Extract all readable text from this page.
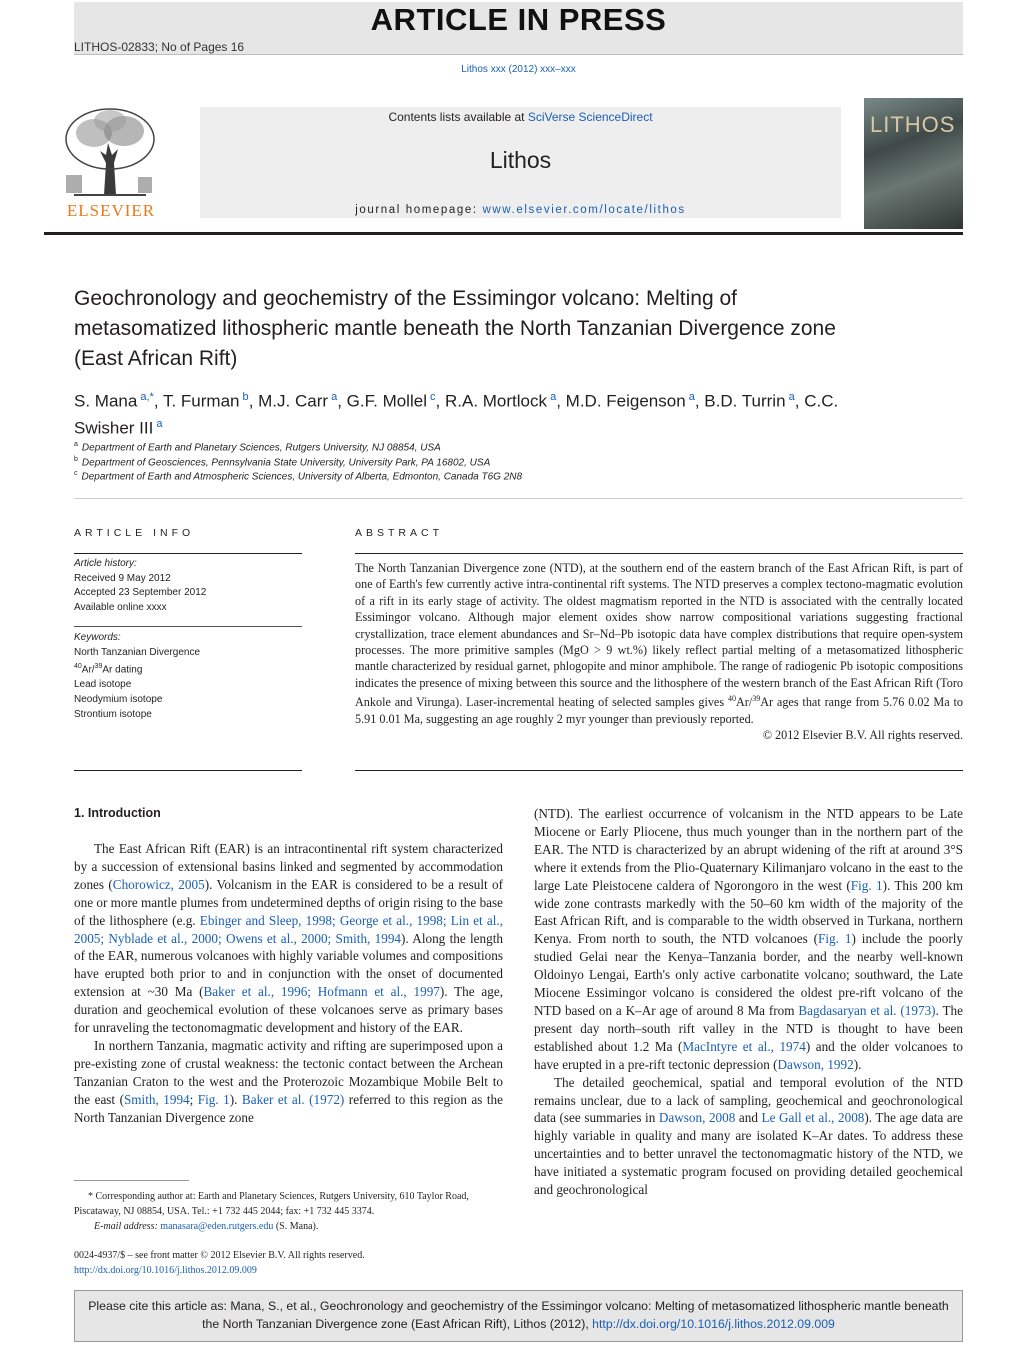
ARTICLE IN PRESS
LITHOS-02833; No of Pages 16
Lithos xxx (2012) xxx–xxx
ELSEVIER
Contents lists available at SciVerse ScienceDirect
Lithos
journal homepage: www.elsevier.com/locate/lithos
LITHOS
Geochronology and geochemistry of the Essimingor volcano: Melting of metasomatized lithospheric mantle beneath the North Tanzanian Divergence zone (East African Rift)
S. Mana $^{a,*}$, T. Furman $^b$, M.J. Carr $^a$, G.F. Mollel $^c$, R.A. Mortlock $^a$, M.D. Feigenson $^a$, B.D. Turrin $^a$, C.C. Swisher III $^a$
$^a$ Department of Earth and Planetary Sciences, Rutgers University, NJ 08854, USA
$^b$ Department of Geosciences, Pennsylvania State University, University Park, PA 16802, USA
$^c$ Department of Earth and Atmospheric Sciences, University of Alberta, Edmonton, Canada T6G 2N8
ARTICLE INFO
Article history:
Received 9 May 2012
Accepted 23 September 2012
Available online xxxx
Keywords:
North Tanzanian Divergence
$^{40}$Ar/$^{39}$Ar dating
Lead isotope
Neodymium isotope
Strontium isotope
ABSTRACT
The North Tanzanian Divergence zone (NTD), at the southern end of the eastern branch of the East African Rift, is part of one of Earth's few currently active intra-continental rift systems. The NTD preserves a complex tectono-magmatic evolution of a rift in its early stage of activity. The oldest magmatism reported in the NTD is associated with the centrally located Essimingor volcano. Although major element oxides show narrow compositional variations suggesting fractional crystallization, trace element abundances and Sr–Nd–Pb isotopic data have complex distributions that require open-system processes. The more primitive samples (MgO > 9 wt.%) likely reflect partial melting of a metasomatized lithospheric mantle characterized by residual garnet, phlogopite and minor amphibole. The range of radiogenic Pb isotopic compositions indicates the presence of mixing between this source and the lithosphere of the western branch of the East African Rift (Toro Ankole and Virunga). Laser-incremental heating of selected samples gives $^{40}$Ar/$^{39}$Ar ages that range from 5.76 0.02 Ma to 5.91 0.01 Ma, suggesting an age roughly 2 myr younger than previously reported.
© 2012 Elsevier B.V. All rights reserved.
1. Introduction

The East African Rift (EAR) is an intracontinental rift system characterized by a succession of extensional basins linked and segmented by accommodation zones (Chorowicz, 2005). Volcanism in the EAR is considered to be a result of one or more mantle plumes from undetermined depths of origin rising to the base of the lithosphere (e.g. Ebinger and Sleep, 1998; George et al., 1998; Lin et al., 2005; Nyblade et al., 2000; Owens et al., 2000; Smith, 1994). Along the length of the EAR, numerous volcanoes with highly variable volumes and compositions have erupted both prior to and in conjunction with the onset of documented extension at ~30 Ma (Baker et al., 1996; Hofmann et al., 1997). The age, duration and geochemical evolution of these volcanoes serve as primary bases for unraveling the tectonomagmatic development and history of the EAR.

In northern Tanzania, magmatic activity and rifting are superimposed upon a pre-existing zone of crustal weakness: the tectonic contact between the Archean Tanzanian Craton to the west and the Proterozoic Mozambique Mobile Belt to the east (Smith, 1994; Fig. 1). Baker et al. (1972) referred to this region as the North Tanzanian Divergence zone

(NTD). The earliest occurrence of volcanism in the NTD appears to be Late Miocene or Early Pliocene, thus much younger than in the northern part of the EAR. The NTD is characterized by an abrupt widening of the rift at around 3°S where it extends from the Plio-Quaternary Kilimanjaro volcano in the east to the large Late Pleistocene caldera of Ngorongoro in the west (Fig. 1). This 200 km wide zone contrasts markedly with the 50–60 km width of the majority of the East African Rift, and is comparable to the width observed in Turkana, northern Kenya. From north to south, the NTD volcanoes (Fig. 1) include the poorly studied Gelai near the Kenya–Tanzania border, and the nearby well-known Oldoinyo Lengai, Earth's only active carbonatite volcano; southward, the Late Miocene Essimingor volcano is considered the oldest pre-rift volcano of the NTD based on a K–Ar age of around 8 Ma from Bagdasaryan et al. (1973). The present day north–south rift valley in the NTD is thought to have been established about 1.2 Ma (MacIntyre et al., 1974) and the older volcanoes to have erupted in a pre-rift tectonic depression (Dawson, 1992).

The detailed geochemical, spatial and temporal evolution of the NTD remains unclear, due to a lack of sampling, geochemical and geochronological data (see summaries in Dawson, 2008 and Le Gall et al., 2008). The age data are highly variable in quality and many are isolated K–Ar dates. To address these uncertainties and to better unravel the tectonomagmatic history of the NTD, we have initiated a systematic program focused on providing detailed geochemical and geochronological

* Corresponding author at: Earth and Planetary Sciences, Rutgers University, 610 Taylor Road, Piscataway, NJ 08854, USA. Tel.: +1 732 445 2044; fax: +1 732 445 3374.
E-mail address: manasara@eden.rutgers.edu (S. Mana).
0024-4937/$ – see front matter © 2012 Elsevier B.V. All rights reserved.
http://dx.doi.org/10.1016/j.lithos.2012.09.009
Please cite this article as: Mana, S., et al., Geochronology and geochemistry of the Essimingor volcano: Melting of metasomatized lithospheric mantle beneath the North Tanzanian Divergence zone (East African Rift), Lithos (2012), http://dx.doi.org/10.1016/j.lithos.2012.09.009
